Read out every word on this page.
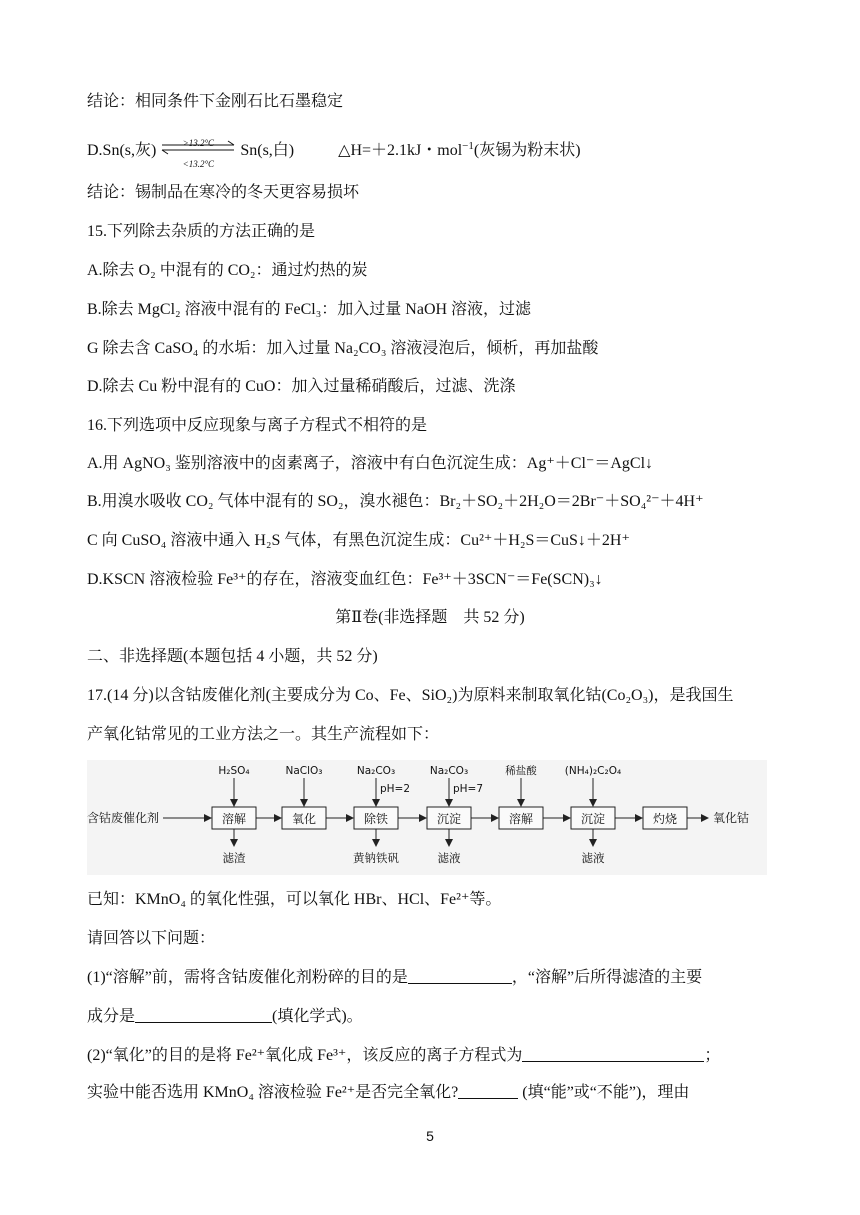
结论：相同条件下金刚石比石墨稳定
D.Sn(s,灰)	>13.2°C
<13.2°C
Sn(s,白)	△H=＋2.1kJ・mol$^{-1}$(灰锡为粉末状)
结论：锡制品在寒冷的冬天更容易损坏
15.下列除去杂质的方法正确的是
A.除去 O₂ 中混有的 CO₂：通过灼热的炭
B.除去 MgCl₂ 溶液中混有的 FeCl₃：加入过量 NaOH 溶液，过滤
G 除去含 CaSO₄ 的水垢：加入过量 Na₂CO₃ 溶液浸泡后，倾析，再加盐酸
D.除去 Cu 粉中混有的 CuO：加入过量稀硝酸后，过滤、洗涤
16.下列选项中反应现象与离子方程式不相符的是
A.用 AgNO₃ 鉴别溶液中的卤素离子，溶液中有白色沉淀生成：Ag⁺＋Cl⁻＝AgCl↓
B.用溴水吸收 CO₂ 气体中混有的 SO₂，溴水褪色：Br₂＋SO₂＋2H₂O＝2Br⁻＋SO₄²⁻＋4H⁺
C 向 CuSO₄ 溶液中通入 H₂S 气体，有黑色沉淀生成：Cu²⁺＋H₂S＝CuS↓＋2H⁺
D.KSCN 溶液检验 Fe³⁺的存在，溶液变血红色：Fe³⁺＋3SCN⁻＝Fe(SCN)₃↓
第Ⅱ卷(非选择题　共 52 分)
二、非选择题(本题包括 4 小题，共 52 分)
17.(14 分)以含钴废催化剂(主要成分为 Co、Fe、SiO₂)为原料来制取氧化钴(Co₂O₃)，是我国生
产氧化钴常见的工业方法之一。其生产流程如下：
含钴废催化剂	氧化钴
溶解	氧化	除铁	沉淀	溶解	沉淀	灼烧
H₂SO₄	NaClO₃	Na₂CO₃	Na₂CO₃	稀盐酸	(NH₄)₂C₂O₄
pH=2	pH=7
滤渣	黄钠铁矾	滤液	滤液
已知：KMnO₄ 的氧化性强，可以氧化 HBr、HCl、Fe²⁺等。
请回答以下问题：
(1)“溶解”前，需将含钴废催化剂粉碎的目的是	，“溶解”后所得滤渣的主要
成分是	(填化学式)。
(2)“氧化”的目的是将 Fe²⁺氧化成 Fe³⁺，该反应的离子方程式为	；
实验中能否选用 KMnO₄ 溶液检验 Fe²⁺是否完全氧化?	(填“能”或“不能”)，理由
5
